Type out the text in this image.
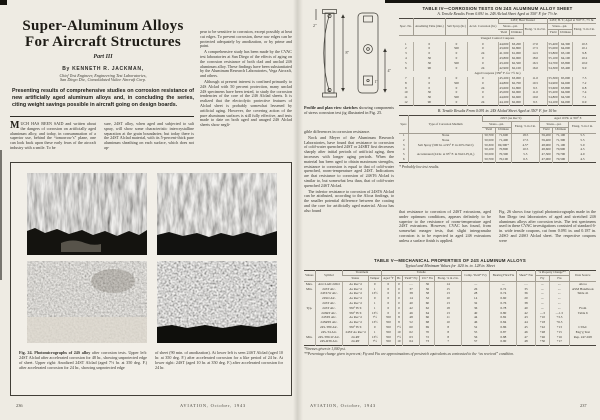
Super-Aluminum Alloys
For Aircraft Structures
Part III
By KENNETH R. JACKMAN,
Chief Test Engineer, Engineering Test Laboratories,
San Diego Div., Consolidated Vultee Aircraft Corp.
Presenting results of comprehensive studies on corrosion resistance of new artificially aged aluminum alloys and, in concluding the series, citing weight savings possible in aircraft going on design boards.
M UCH HAS BEEN SAID and written about the dangers of corrosion on artificially aged aluminum alloy, and today, in consummation of a superior use, behind the “tomorrow’s” plane, one can look back upon these early fears of the aircraft industry with a smile. To be

sure, 24ST alloy, when aged and subjected to salt spray, will show some characteristic intercrystalline separation at the grain boundaries; but today there is the 24ST Alclad material, with its 5-percent-thick pure aluminum sheathing on each surface, which does not ap-

pear to be sensitive to corrosion, except possibly at heat cut edges. To prevent corrosion, these raw edges can be protected adequately by anodization, or by prime and paint.

A comprehensive study has been made by the CVAC test laboratories at San Diego of the effects of aging on the corrosion resistance of both clad and unclad 24S aluminum alloy. These findings have been substantiated by the Aluminum Research Laboratories, Vega Aircraft, and others.

Although at present interest is confined primarily to 24S Alclad with 50 percent protection, many unclad 24S specimens have been tested, to study the corrosion tendencies of the core of the 24S Alclad sheets. It is realized that the electrolytic protective features of Alclad sheet is probably somewhat lessened by artificial aging. However, the covering action of the pure aluminum surfaces is still fully effective, and tests made to date on both aged and unaged 24S Alclad sheets show negli-

Fig. 24. Photomicrographs of 24S alloy after corrosion tests. Upper left: 24ST Alclad after accelerated corrosion for 48 hr., showing unprotected edge of sheet. Upper right: Anodized 24ST Alclad (aged 7½ hr. at 350 deg. F.) after accelerated corrosion for 24 hr., showing unprotected edge
of sheet (90 min. of anodization). At lower left is seen 24ST Alclad (aged 10 hr. at 350 deg. F.) after accelerated corrosion for a like period of 24 hr. At lower right: 24ST (aged 10 hr. at 350 deg. F.) after accelerated corrosion for 24 hr.
236	AVIATION, October, 1943
2″
8″
4″
1″
Profile and plan view sketches showing components of stress corrosion test jig illustrated in Fig. 25.

gible differences in corrosion resistance.

Nock and Meyer of the Aluminum Research Laboratories, have found that resistance to corrosion of cold-water quenched 24ST or 24SRT first decreases sharply after initial periods of artificial aging, then increases with longer aging periods. When the material has been aged to obtain maximum strengths, resistance to corrosion is equal to that of cold-water quenched, room-temperature aged 24ST. Indications are that resistance to corrosion of 24ST6 Alclad is similar to, but somewhat less than, that of cold-water quenched 24ST Alclad.

The inferior resistance to corrosion of 24ST6 Alclad can be attributed, according to the Alcoa findings, to the smaller potential difference between the coating and the core for artificially aged material. Alcoa has also found

TABLE IV—CORROSION TESTS ON 24S ALUMINUM ALLOY SHEET
A. Tensile Results From 0.091 in. 24S Alclad Sheet Aged at 350° F. for 7½ hr.
Spec. No.	Anodizing Time (min.)	Salt Spray (hr.)	Accel. Corrosion (hr.)	24ST; Heat Treated			24ST; H. T.; Aged at 350° F., 7½ hr.		
				Stress—psi.		Elong. % in 2 in.	Stress—psi.		Elong. % in 2 in.
				Yield	Ultimate		Yield	Ultimate	
Unaged Control Coupons									
1	0	0	0	44,000	63,200	17.0	55,400	64,300	10.3
2	0	500	0	43,600	62,800	17.5	55,000	64,000	10.1
3	0	0	24	41,500	61,000	14.5	53,800	63,100	9.8
4	30	0	0	43,800	62,900	18.0	55,100	64,100	10.2
5	30	500	0	43,200	62,500	16.5	54,700	63,800	10.0
6	90	0	24	42,900	62,100	16.0	54,300	63,400	9.9
Aged Coupons (350° F. for 7½ hr.)									
7	0	0	0	45,200	63,000	11.0	55,300	65,000	7.5
8	0	500	0	44,800	62,700	10.5	54,900	64,600	7.2
9	0	0	24	43,600	61,800	9.5	53,600	63,800	6.8
10	30	0	0	45,000	62,900	11.0	55,200	64,900	7.4
11	30	500	0	44,600	62,600	10.0	54,800	64,500	7.1
12	90	0	24	44,100	62,000	9.5	54,100	64,000	6.9
B. Tensile Results From 0.091 in. 24S Alclad Sheet Aged at 350° F. for 10 hr.
Spec.	Type of Corrosion Medium	24ST (As Rec’d)			Aged 10 Hr. at 350° F.		
		Stress—psi.		Elong. % in 2 in.	Stress—psi.		Elong. % in 2 in.
		Yield	Ultimate		Yield	Ultimate	
1	None	50,700	71,600	18.5	59,200	71,100	5.5
2	None	50,500	71,400	17.5	59,400	71,300	5.5
3	Salt Spray (500 hr. at 95° F. in 20% NaCl)	50,300	69,300*	4.5*	48,900	71,100	5.0
4	 	50,100	70,800	10.5	48,600	70,900	4.5
5	Accelerated (24 hr. at 95° F. in NaCl-H₂O₂)	50,500	70,300	5.5	47,300	70,700	4.0
6	 	50,700	70,100	6.5	47,000	70,500	4.5
* Probably low test results.

that resistance to corrosion of 24ST extrusions, aged under optimum conditions, appears definitely to be superior to the resistance of room-temperature aged 24ST extrusions. However, CVAC has found, from somewhat meager tests, that slight intergranular corrosion is to be expected in aged 24S extrusions unless a surface finish is applied.

Fig. 26 shows four typical photomicrographs made in the San Diego test laboratories of aged and stretched 24S aluminum alloys after corrosion tests. The test specimens used in these CVAC investigations consisted of standard 6-in. wide tensile coupons, cut from 0.091 in. and 0.187 in. 24SO and 24SO Alclad sheet. The respective coupons were

TABLE V—MECHANICAL PROPERTIES OF 24S ALUMINUM ALLOYS
Typical and Minimum Values for .020 in. to .128 in. Sheet
Values	Symbol	Treatment		Tensile					Comp. Yield* Fcy	Bearing Fbru/Ftu	Shear* Fsu	% Property Change**		Data Source
		Status	Temper	Aged °F	Hr.	Yield* Fty	Ult.* Ftu	Elong. % in 2 in.				Fty	Ftu	
Max.	ALCLAD 24SO	As Rec’d	0	0	0	....	36	14	....	....	....	....	....	Alcoa
Min.	24ST Alc.	As Rec’d	1	0	0	37	56	15	26	0.72	35	....	....	ASM Handbook
	24ST-W Alc.	As Rec’d	13½	0	0	38	58	13	28	0.74	36	....	....	Table 41
	24SO Alc.	As Rec’d	0	0	0	14	32	10	14	0.60	20	....	....	
	24ST Alc.	As Rec’d	1	0	0	40	60	13	32	0.76	38	....	....	
Typ.	24ST Alc.	350° H.T.	1	0	0	42	62	18	36	0.78	40	....	....	From
	24SRT Alc.	350° H.T.	13½	0	0	46	64	13	40	0.80	42	—3	—1.5	Table 6
	24ST6 Alc.	As Rec’d	7½	350	8	48	66	11	44	0.82	43	+10	+3.5	
	24SRT6 Alc.	As Rec’d	13½	350	8	52	68	10	46	0.84	44	+18	+6.5	
	24S-T80 Alc.	350° H.T.	0	350	7½	60	69	8	52	0.86	45	+42	+13	CVAC
	24S-T4 Alc.	24ST As Rec’d	1	350	10	62	70	8	55	0.87	46	+48	+15	Eng’g Test
Min.	24S-T80-W Alc.	24-RT	13½	350	7½	63	72	8	56	0.88	47	+46	+16	Rep. 247-028
	24S-RT6 Alc.	24-RT	7½	350	10	64	73	7	57	0.90	48	+50	+17	
*Stresses given in 1,000 psi.
**Percentage change given in percent; Fty and Ftu are approximations of prestretch equivalents as contrasted to the “as received” condition.
AVIATION, October, 1943	237
